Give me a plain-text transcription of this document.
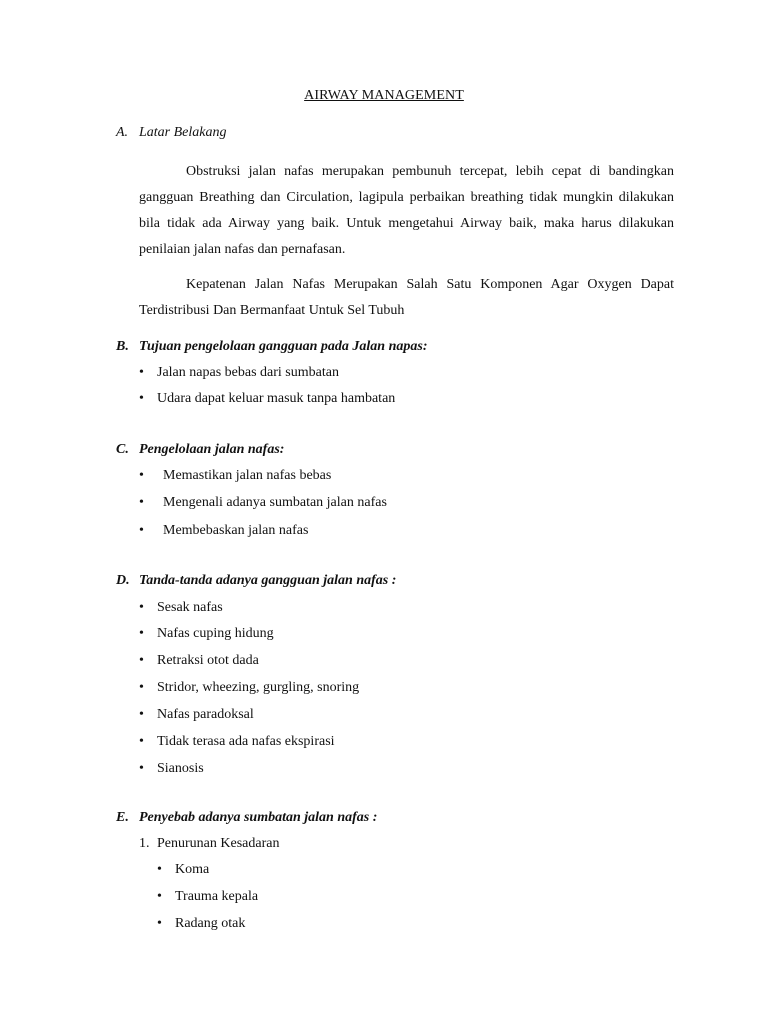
AIRWAY MANAGEMENT
A. Latar Belakang
Obstruksi jalan nafas merupakan pembunuh tercepat, lebih cepat di bandingkan gangguan Breathing dan Circulation, lagipula perbaikan breathing tidak mungkin dilakukan bila tidak ada Airway yang baik. Untuk mengetahui Airway baik, maka harus dilakukan penilaian jalan nafas dan pernafasan.
Kepatenan Jalan Nafas Merupakan Salah Satu Komponen Agar Oxygen Dapat Terdistribusi Dan Bermanfaat Untuk Sel Tubuh
B. Tujuan pengelolaan gangguan pada Jalan napas:
• Jalan napas bebas dari sumbatan
• Udara dapat keluar masuk tanpa hambatan
C. Pengelolaan jalan nafas:
• Memastikan jalan nafas bebas
• Mengenali adanya sumbatan jalan nafas
• Membebaskan jalan nafas
D. Tanda-tanda adanya gangguan jalan nafas :
• Sesak nafas
• Nafas cuping hidung
• Retraksi otot dada
• Stridor, wheezing, gurgling, snoring
• Nafas paradoksal
• Tidak terasa ada nafas ekspirasi
• Sianosis
E. Penyebab adanya sumbatan jalan nafas :
1. Penurunan Kesadaran
• Koma
• Trauma kepala
• Radang otak
